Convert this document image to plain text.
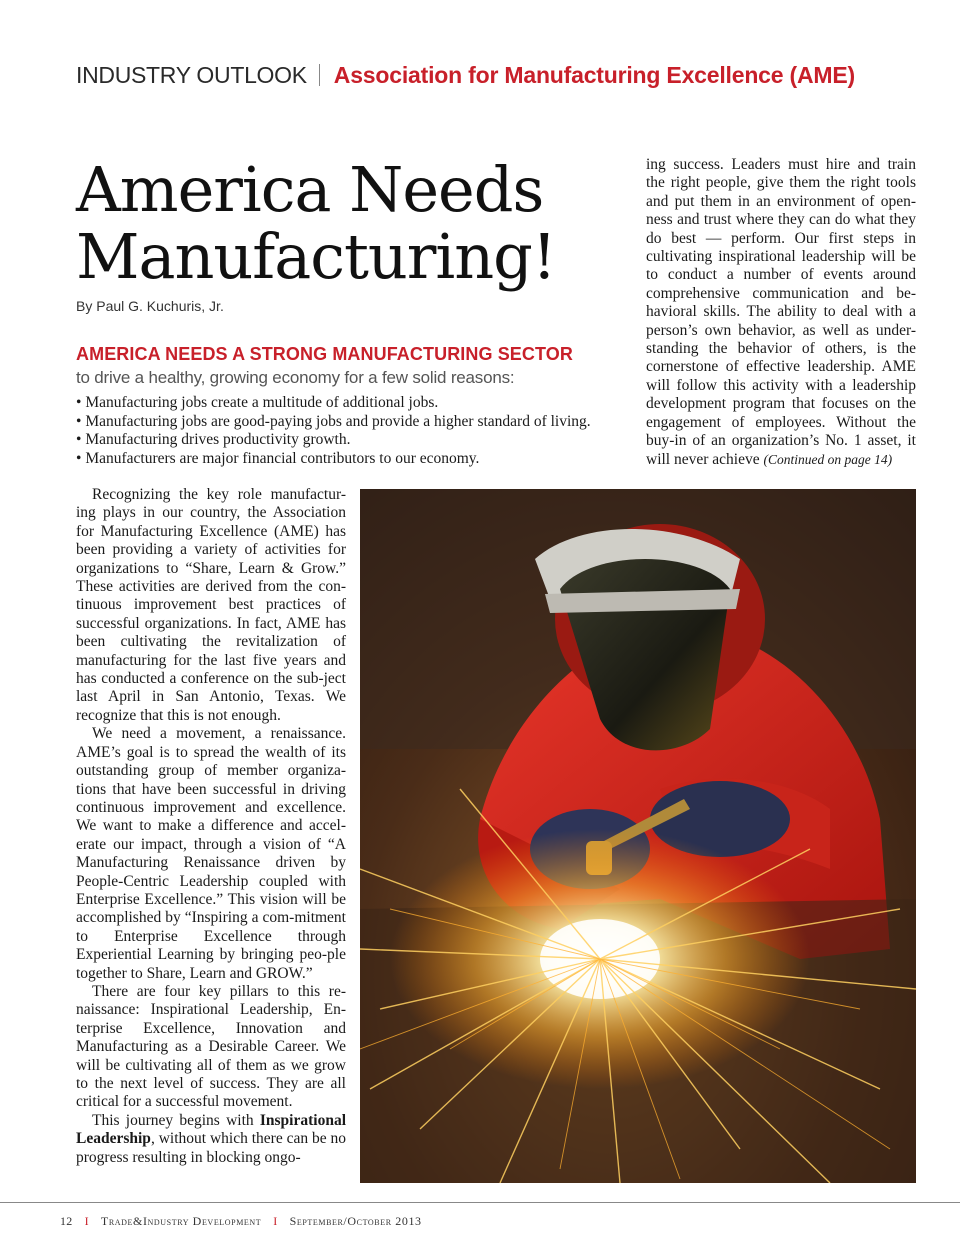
INDUSTRY OUTLOOK Association for Manufacturing Excellence (AME)
America Needs
Manufacturing!
By Paul G. Kuchuris, Jr.
AMERICA NEEDS A STRONG MANUFACTURING SECTOR
to drive a healthy, growing economy for a few solid reasons:
• Manufacturing jobs create a multitude of additional jobs.
• Manufacturing jobs are good-paying jobs and provide a higher standard of living.
• Manufacturing drives productivity growth.
• Manufacturers are major financial contributors to our economy.

ing success. Leaders must hire and train the right people, give them the right tools and put them in an environment of open-ness and trust where they can do what they do best — perform. Our first steps in cultivating inspirational leadership will be to conduct a number of events around comprehensive communication and be-havioral skills. The ability to deal with a person’s own behavior, as well as under-standing the behavior of others, is the cornerstone of effective leadership. AME will follow this activity with a leadership development program that focuses on the engagement of employees. Without the buy-in of an organization’s No. 1 asset, it will never achieve (Continued on page 14)

Recognizing the key role manufactur-ing plays in our country, the Association for Manufacturing Excellence (AME) has been providing a variety of activities for organizations to “Share, Learn & Grow.” These activities are derived from the con-tinuous improvement best practices of successful organizations. In fact, AME has been cultivating the revitalization of manufacturing for the last five years and has conducted a conference on the sub-ject last April in San Antonio, Texas. We recognize that this is not enough.

We need a movement, a renaissance. AME’s goal is to spread the wealth of its outstanding group of member organiza-tions that have been successful in driving continuous improvement and excellence. We want to make a difference and accel-erate our impact, through a vision of “A Manufacturing Renaissance driven by People-Centric Leadership coupled with Enterprise Excellence.” This vision will be accomplished by “Inspiring a com-mitment to Enterprise Excellence through Experiential Learning by bringing peo-ple together to Share, Learn and GROW.”

There are four key pillars to this re-naissance: Inspirational Leadership, En-terprise Excellence, Innovation and Manufacturing as a Desirable Career. We will be cultivating all of them as we grow to the next level of success. They are all critical for a successful movement.

This journey begins with Inspirational Leadership, without which there can be no progress resulting in blocking ongo-

12 I Trade&Industry Development I September/October 2013
